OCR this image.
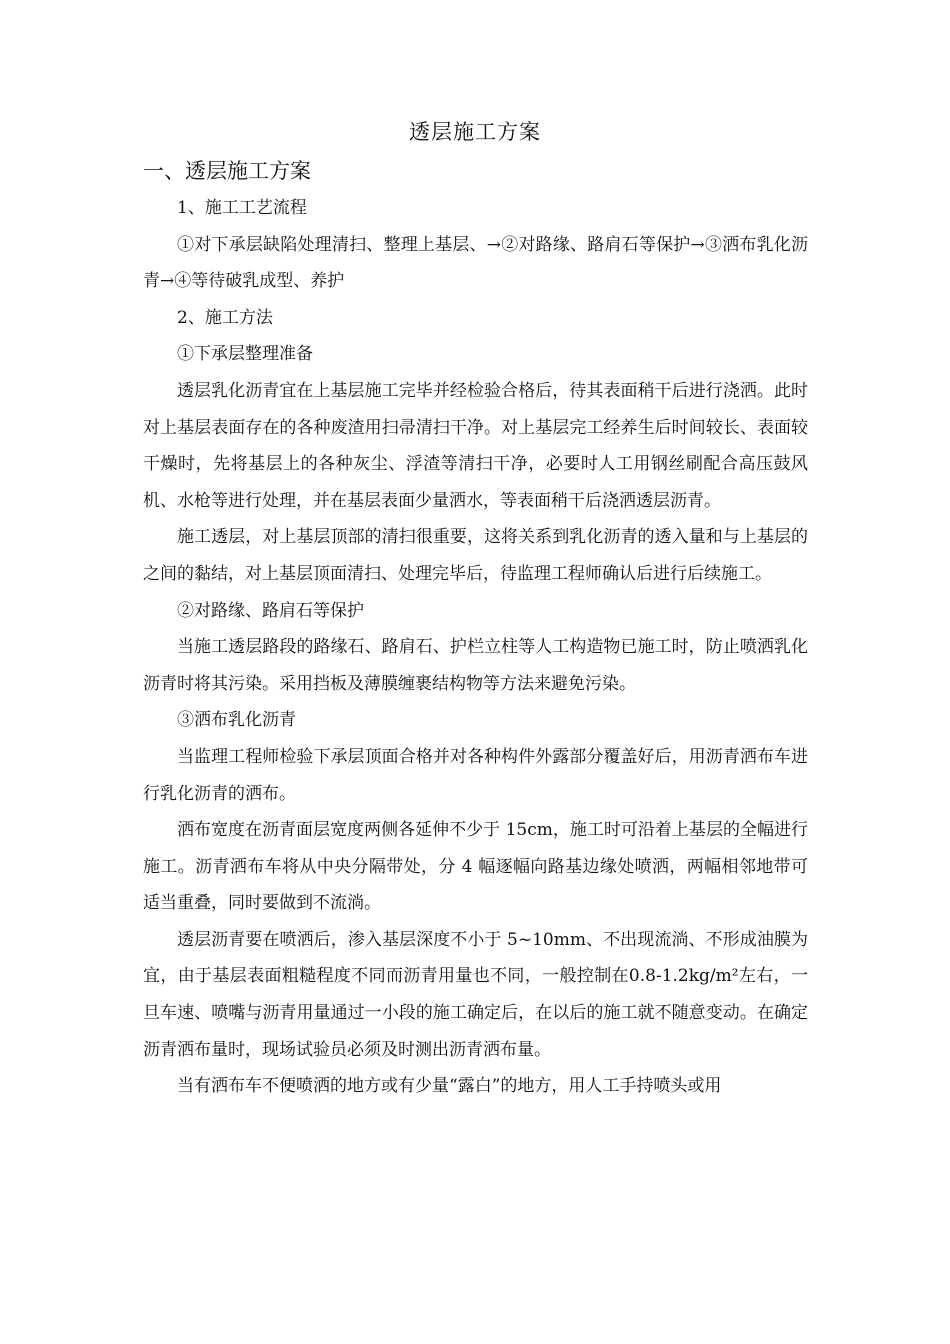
透层施工方案
一、透层施工方案

1、施工工艺流程

①对下承层缺陷处理清扫、整理上基层、→②对路缘、路肩石等保护→③洒布乳化沥青→④等待破乳成型、养护

2、施工方法

①下承层整理准备

透层乳化沥青宜在上基层施工完毕并经检验合格后，待其表面稍干后进行浇洒。此时对上基层表面存在的各种废渣用扫帚清扫干净。对上基层完工经养生后时间较长、表面较干燥时，先将基层上的各种灰尘、浮渣等清扫干净，必要时人工用钢丝刷配合高压鼓风机、水枪等进行处理，并在基层表面少量洒水，等表面稍干后浇洒透层沥青。

施工透层，对上基层顶部的清扫很重要，这将关系到乳化沥青的透入量和与上基层的之间的黏结，对上基层顶面清扫、处理完毕后，待监理工程师确认后进行后续施工。

②对路缘、路肩石等保护

当施工透层路段的路缘石、路肩石、护栏立柱等人工构造物已施工时，防止喷洒乳化沥青时将其污染。采用挡板及薄膜缠裹结构物等方法来避免污染。

③洒布乳化沥青

当监理工程师检验下承层顶面合格并对各种构件外露部分覆盖好后，用沥青洒布车进行乳化沥青的洒布。

洒布宽度在沥青面层宽度两侧各延伸不少于 15cm，施工时可沿着上基层的全幅进行施工。沥青洒布车将从中央分隔带处，分 4 幅逐幅向路基边缘处喷洒，两幅相邻地带可适当重叠，同时要做到不流淌。

透层沥青要在喷洒后，渗入基层深度不小于 5~10mm、不出现流淌、不形成油膜为宜，由于基层表面粗糙程度不同而沥青用量也不同，一般控制在0.8-1.2kg/m²左右，一旦车速、喷嘴与沥青用量通过一小段的施工确定后，在以后的施工就不随意变动。在确定沥青洒布量时，现场试验员必须及时测出沥青洒布量。

当有洒布车不便喷洒的地方或有少量“露白”的地方，用人工手持喷头或用
